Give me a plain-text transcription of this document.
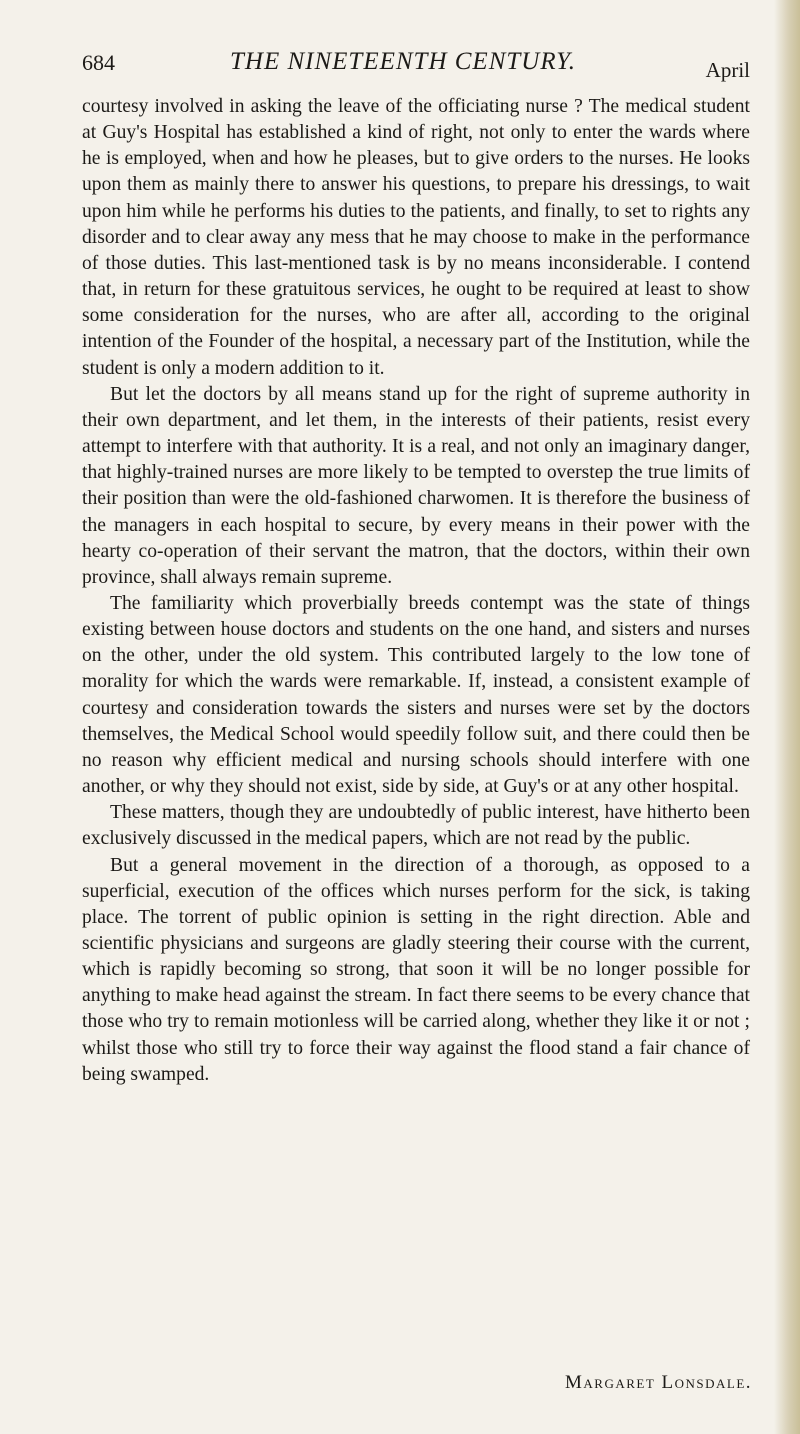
684	THE NINETEENTH CENTURY.	April

courtesy involved in asking the leave of the officiating nurse ? The medical student at Guy's Hospital has established a kind of right, not only to enter the wards where he is employed, when and how he pleases, but to give orders to the nurses. He looks upon them as mainly there to answer his questions, to prepare his dressings, to wait upon him while he performs his duties to the patients, and finally, to set to rights any disorder and to clear away any mess that he may choose to make in the performance of those duties. This last-mentioned task is by no means inconsiderable. I contend that, in return for these gratuitous services, he ought to be required at least to show some consideration for the nurses, who are after all, according to the original intention of the Founder of the hospital, a necessary part of the Institution, while the student is only a modern addition to it.

But let the doctors by all means stand up for the right of supreme authority in their own department, and let them, in the interests of their patients, resist every attempt to interfere with that authority. It is a real, and not only an imaginary danger, that highly-trained nurses are more likely to be tempted to overstep the true limits of their position than were the old-fashioned charwomen. It is therefore the business of the managers in each hospital to secure, by every means in their power with the hearty co-operation of their servant the matron, that the doctors, within their own province, shall always remain supreme.

The familiarity which proverbially breeds contempt was the state of things existing between house doctors and students on the one hand, and sisters and nurses on the other, under the old system. This contributed largely to the low tone of morality for which the wards were remarkable. If, instead, a consistent example of courtesy and consideration towards the sisters and nurses were set by the doctors themselves, the Medical School would speedily follow suit, and there could then be no reason why efficient medical and nursing schools should interfere with one another, or why they should not exist, side by side, at Guy's or at any other hospital.

These matters, though they are undoubtedly of public interest, have hitherto been exclusively discussed in the medical papers, which are not read by the public.

But a general movement in the direction of a thorough, as opposed to a superficial, execution of the offices which nurses perform for the sick, is taking place. The torrent of public opinion is setting in the right direction. Able and scientific physicians and surgeons are gladly steering their course with the current, which is rapidly becoming so strong, that soon it will be no longer possible for anything to make head against the stream. In fact there seems to be every chance that those who try to remain motionless will be carried along, whether they like it or not ; whilst those who still try to force their way against the flood stand a fair chance of being swamped.

Margaret Lonsdale.
